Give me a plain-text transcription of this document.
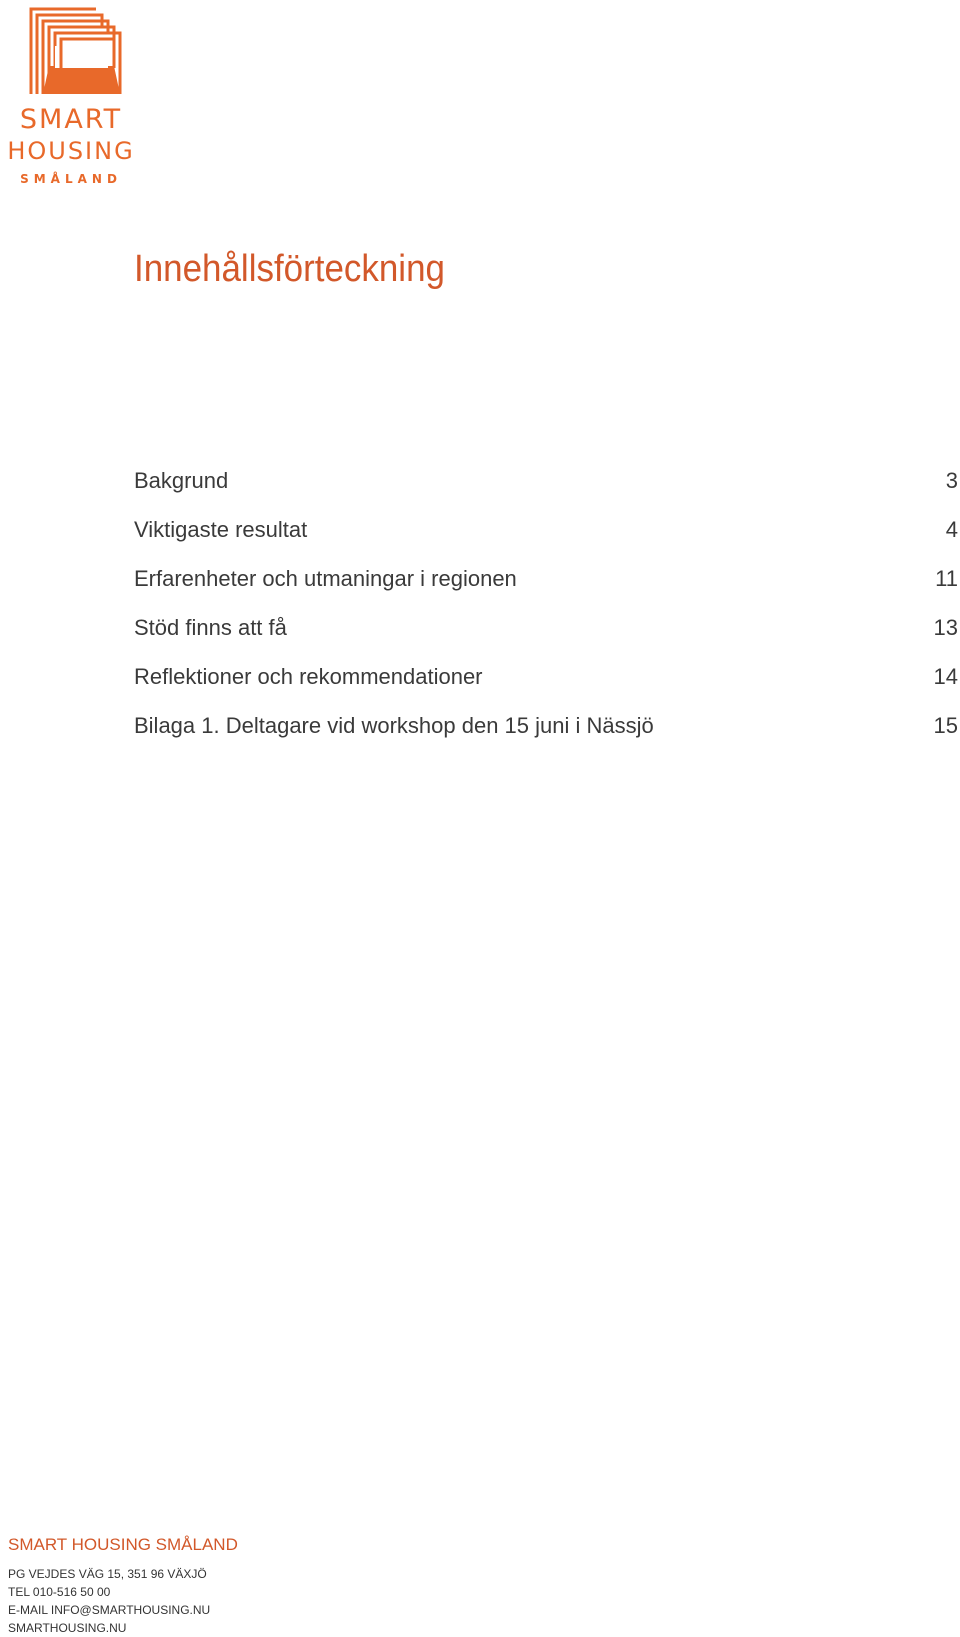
SMART
HOUSING
SMÅLAND
Innehållsförteckning
Bakgrund	3
Viktigaste resultat	4
Erfarenheter och utmaningar i regionen	11
Stöd finns att få	13
Reflektioner och rekommendationer	14
Bilaga 1. Deltagare vid workshop den 15 juni i Nässjö	15

SMART HOUSING SMÅLAND

PG VEJDES VÄG 15, 351 96 VÄXJÖ

TEL 010-516 50 00

E-MAIL INFO@SMARTHOUSING.NU

SMARTHOUSING.NU
